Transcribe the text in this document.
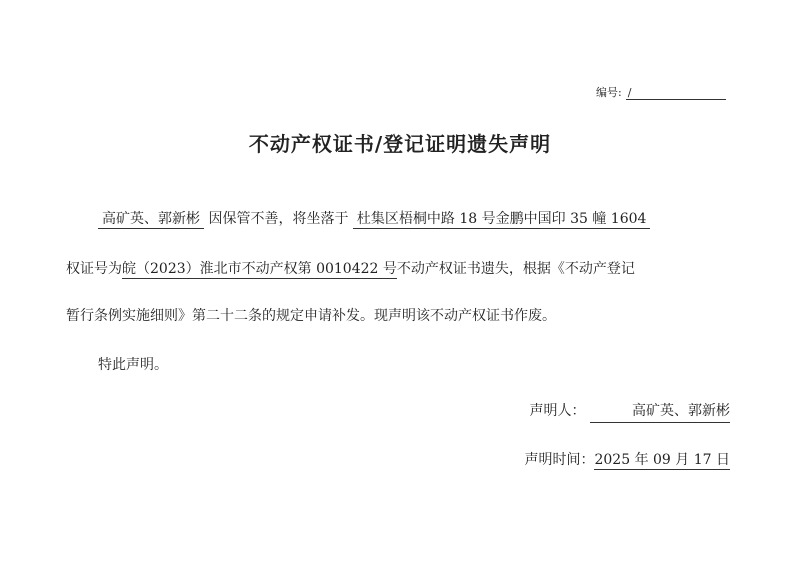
编号: /
不动产权证书/登记证明遗失声明
高矿英、郭新彬 因保管不善，将坐落于 杜集区梧桐中路 18 号金鹏中国印 35 幢 1604
权证号为皖（2023）淮北市不动产权第 0010422 号不动产权证书遗失，根据《不动产登记
暂行条例实施细则》第二十二条的规定申请补发。现声明该不动产权证书作废。
特此声明。
声明人：	高矿英、郭新彬
声明时间：2025 年 09 月 17 日
